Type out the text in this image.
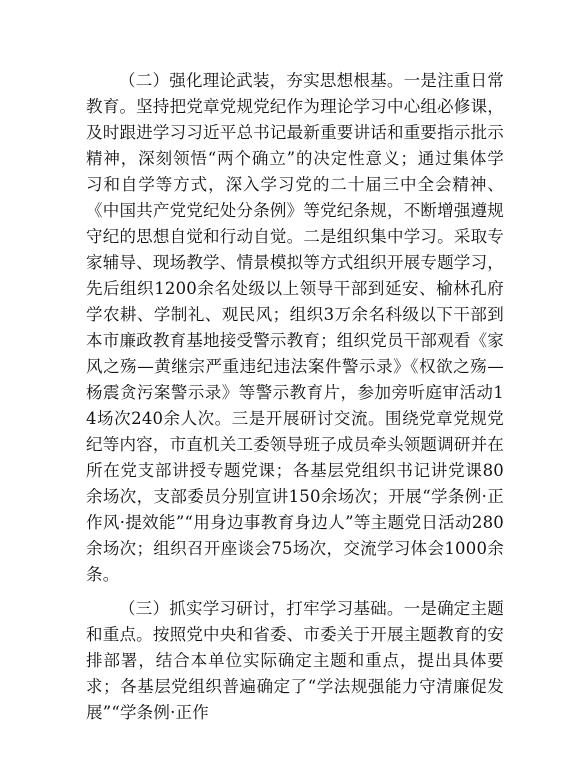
（二）强化理论武装，夯实思想根基。一是注重日常教育。坚持把党章党规党纪作为理论学习中心组必修课，及时跟进学习习近平总书记最新重要讲话和重要指示批示精神，深刻领悟“两个确立”的决定性意义；通过集体学习和自学等方式，深入学习党的二十届三中全会精神、《中国共产党党纪处分条例》等党纪条规，不断增强遵规守纪的思想自觉和行动自觉。二是组织集中学习。采取专家辅导、现场教学、情景模拟等方式组织开展专题学习，先后组织1200余名处级以上领导干部到延安、榆林孔府学农耕、学制礼、观民风；组织3万余名科级以下干部到本市廉政教育基地接受警示教育；组织党员干部观看《家风之殇—黄继宗严重违纪违法案件警示录》《权欲之殇—杨震贪污案警示录》等警示教育片，参加旁听庭审活动14场次240余人次。三是开展研讨交流。围绕党章党规党纪等内容，市直机关工委领导班子成员牵头领题调研并在所在党支部讲授专题党课；各基层党组织书记讲党课80余场次，支部委员分别宣讲150余场次；开展“学条例·正作风·提效能”“用身边事教育身边人”等主题党日活动280余场次；组织召开座谈会75场次，交流学习体会1000余条。

（三）抓实学习研讨，打牢学习基础。一是确定主题和重点。按照党中央和省委、市委关于开展主题教育的安排部署，结合本单位实际确定主题和重点，提出具体要求；各基层党组织普遍确定了“学法规强能力守清廉促发展”“学条例·正作
